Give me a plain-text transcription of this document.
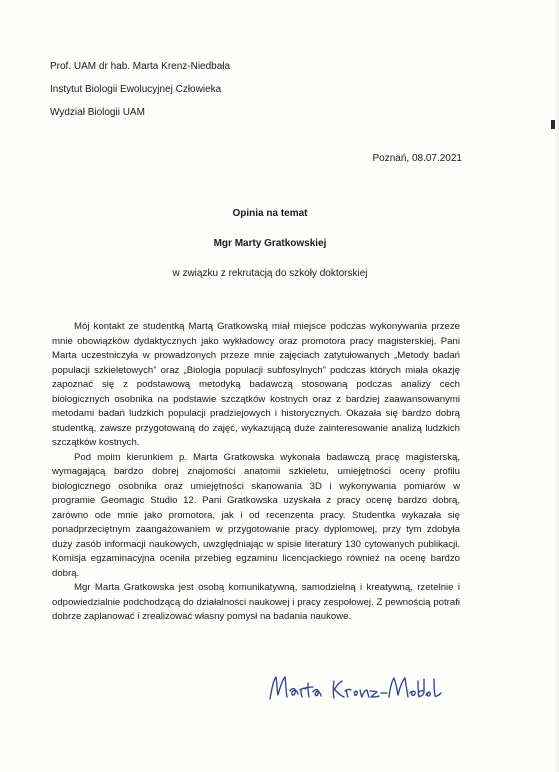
Prof. UAM dr hab. Marta Krenz-Niedbała
Instytut Biologii Ewolucyjnej Człowieka
Wydział Biologii UAM
Poznań, 08.07.2021
Opinia na temat
Mgr Marty Gratkowskiej
w związku z rekrutacją do szkoły doktorskiej

Mój kontakt ze studentką Martą Gratkowską miał miejsce podczas wykonywania przeze mnie obowiązków dydaktycznych jako wykładowcy oraz promotora pracy magisterskiej. Pani Marta uczestniczyła w prowadzonych przeze mnie zajęciach zatytułowanych „Metody badań populacji szkieletowych” oraz „Biologia populacji subfosylnych” podczas których miała okazję zapoznać się z podstawową metodyką badawczą stosowaną podczas analizy cech biologicznych osobnika na podstawie szczątków kostnych oraz z bardziej zaawansowanymi metodami badań ludzkich populacji pradziejowych i historycznych. Okazała się bardzo dobrą studentką, zawsze przygotowaną do zajęć, wykazującą duże zainteresowanie analizą ludzkich szczątków kostnych.

Pod moim kierunkiem p. Marta Gratkowska wykonała badawczą pracę magisterską, wymagającą bardzo dobrej znajomości anatomii szkieletu, umiejętności oceny profilu biologicznego osobnika oraz umiejętności skanowania 3D i wykonywania pomiarów w programie Geomagic Studio 12. Pani Gratkowska uzyskała z pracy ocenę bardzo dobrą, zarówno ode mnie jako promotora, jak i od recenzenta pracy. Studentka wykazała się ponadprzeciętnym zaangażowaniem w przygotowanie pracy dyplomowej, przy tym zdobyła duży zasób informacji naukowych, uwzględniając w spisie literatury 130 cytowanych publikacji. Komisja egzaminacyjna oceniła przebieg egzaminu licencjackiego również na ocenę bardzo dobrą.

Mgr Marta Gratkowska jest osobą komunikatywną, samodzielną i kreatywną, rzetelnie i odpowiedzialnie podchodzącą do działalności naukowej i pracy zespołowej. Z pewnością potrafi dobrze zaplanować i zrealizować własny pomysł na badania naukowe.
